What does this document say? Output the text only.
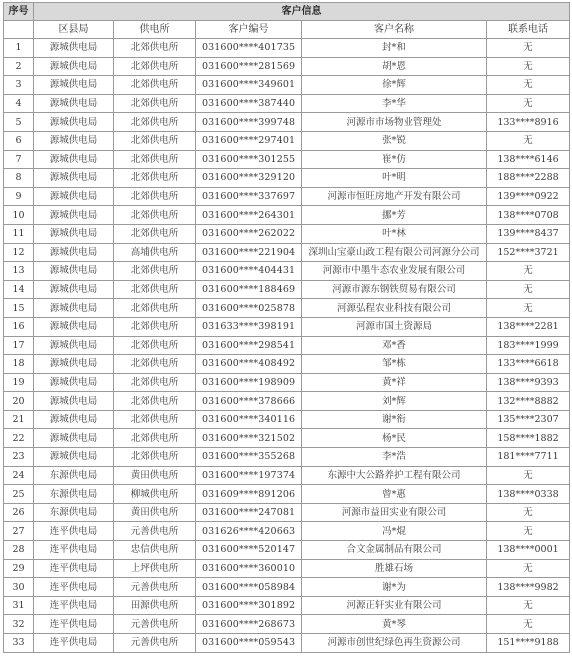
序号	客户信息				
	区县局	供电所	客户编号	客户名称	联系电话
1	源城供电局	北郊供电所	031600****401735	封*和	无
2	源城供电局	北郊供电所	031600****281569	胡*恩	无
3	源城供电局	北郊供电所	031600****349601	徐*辉	无
4	源城供电局	北郊供电所	031600****387440	李*华	无
5	源城供电局	北郊供电所	031600****399748	河源市市场物业管理处	133****8916
6	源城供电局	北郊供电所	031600****297401	张*锐	无
7	源城供电局	北郊供电所	031600****301255	崔*仿	138****6146
8	源城供电局	北郊供电所	031600****329120	叶*明	188****2288
9	源城供电局	北郊供电所	031600****337697	河源市恒旺房地产开发有限公司	139****0922
10	源城供电局	北郊供电所	031600****264301	挪*芳	138****0708
11	源城供电局	北郊供电所	031600****262022	叶*林	139****8437
12	源城供电局	高埔供电所	031600****221904	深圳山宝豪山政工程有限公司河源分公司	152****3721
13	源城供电局	北郊供电所	031600****404431	河源市中墨牛态农业发展有限公司	无
14	源城供电局	北郊供电所	031600****188469	河源市源东钢铁贸易有限公司	无
15	源城供电局	北郊供电所	031600****025878	河源弘程农业科技有限公司	无
16	源城供电局	北郊供电所	031633****398191	河源市国土资源局	138****2281
17	源城供电局	北郊供电所	031600****298541	邓*香	183****1999
18	源城供电局	北郊供电所	031600****408492	邹*栋	133****6618
19	源城供电局	北郊供电所	031600****198909	黄*祥	138****9393
20	源城供电局	北郊供电所	031600****378666	刘*辉	132****8882
21	源城供电局	北郊供电所	031600****340116	谢*衔	135****2307
22	源城供电局	北郊供电所	031600****321502	杨*民	158****1882
23	源城供电局	北郊供电所	031600****355268	李*浩	181****7711
24	东源供电局	黄田供电所	031600****197374	东源中大公路养护工程有限公司	无
25	东源供电局	柳城供电所	031609****891206	曾*惠	138****0338
26	东源供电局	黄田供电所	031600****247081	河源市益田实业有限公司	无
27	连平供电局	元善供电所	031626****420663	冯*焜	无
28	连平供电局	忠信供电所	031600****520147	合文金属制品有限公司	138****0001
29	连平供电局	上坪供电所	031600****360010	胜雄石场	无
30	连平供电局	元善供电所	031600****058984	谢*为	138****9982
31	连平供电局	田源供电所	031600****301892	河源正轩实业有限公司	无
32	连平供电局	元善供电所	031600****268673	黄*琴	无
33	连平供电局	元善供电所	031600****059543	河源市创世纪绿色再生资源公司	151****9188
